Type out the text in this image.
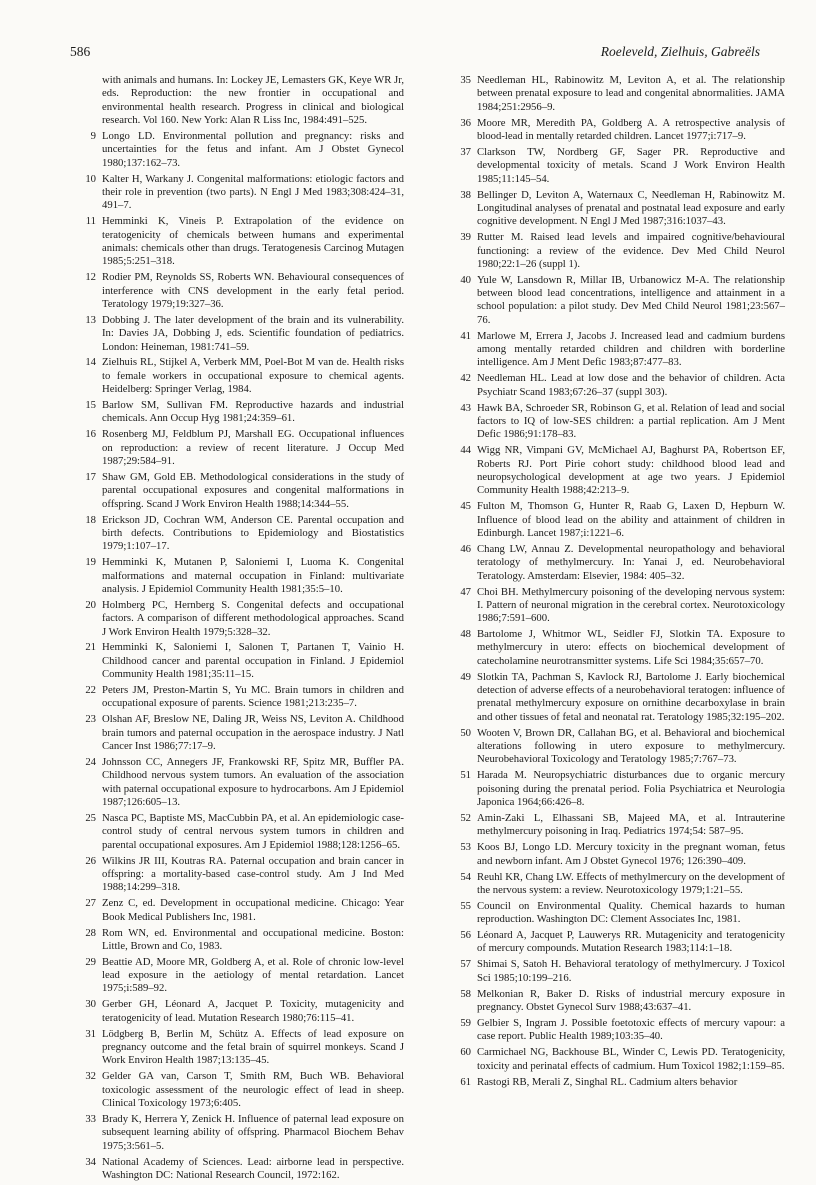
586	Roeleveld, Zielhuis, Gabreëls
with animals and humans. In: Lockey JE, Lemasters GK, Keye WR Jr, eds. Reproduction: the new frontier in occupational and environmental health research. Progress in clinical and biological research. Vol 160. New York: Alan R Liss Inc, 1984:491–525.
9 Longo LD. Environmental pollution and pregnancy: risks and uncertainties for the fetus and infant. Am J Obstet Gynecol 1980;137:162–73.
10 Kalter H, Warkany J. Congenital malformations: etiologic factors and their role in prevention (two parts). N Engl J Med 1983;308:424–31, 491–7.
11 Hemminki K, Vineis P. Extrapolation of the evidence on teratogenicity of chemicals between humans and experimental animals: chemicals other than drugs. Teratogenesis Carcinog Mutagen 1985;5:251–318.
12 Rodier PM, Reynolds SS, Roberts WN. Behavioural consequences of interference with CNS development in the early fetal period. Teratology 1979;19:327–36.
13 Dobbing J. The later development of the brain and its vulnerability. In: Davies JA, Dobbing J, eds. Scientific foundation of pediatrics. London: Heineman, 1981:741–59.
14 Zielhuis RL, Stijkel A, Verberk MM, Poel-Bot M van de. Health risks to female workers in occupational exposure to chemical agents. Heidelberg: Springer Verlag, 1984.
15 Barlow SM, Sullivan FM. Reproductive hazards and industrial chemicals. Ann Occup Hyg 1981;24:359–61.
16 Rosenberg MJ, Feldblum PJ, Marshall EG. Occupational influences on reproduction: a review of recent literature. J Occup Med 1987;29:584–91.
17 Shaw GM, Gold EB. Methodological considerations in the study of parental occupational exposures and congenital malformations in offspring. Scand J Work Environ Health 1988;14:344–55.
18 Erickson JD, Cochran WM, Anderson CE. Parental occupation and birth defects. Contributions to Epidemiology and Biostatistics 1979;1:107–17.
19 Hemminki K, Mutanen P, Saloniemi I, Luoma K. Congenital malformations and maternal occupation in Finland: multivariate analysis. J Epidemiol Community Health 1981;35:5–10.
20 Holmberg PC, Hernberg S. Congenital defects and occupational factors. A comparison of different methodological approaches. Scand J Work Environ Health 1979;5:328–32.
21 Hemminki K, Saloniemi I, Salonen T, Partanen T, Vainio H. Childhood cancer and parental occupation in Finland. J Epidemiol Community Health 1981;35:11–15.
22 Peters JM, Preston-Martin S, Yu MC. Brain tumors in children and occupational exposure of parents. Science 1981;213:235–7.
23 Olshan AF, Breslow NE, Daling JR, Weiss NS, Leviton A. Childhood brain tumors and paternal occupation in the aerospace industry. J Natl Cancer Inst 1986;77:17–9.
24 Johnsson CC, Annegers JF, Frankowski RF, Spitz MR, Buffler PA. Childhood nervous system tumors. An evaluation of the association with paternal occupational exposure to hydrocarbons. Am J Epidemiol 1987;126:605–13.
25 Nasca PC, Baptiste MS, MacCubbin PA, et al. An epidemiologic case-control study of central nervous system tumors in children and parental occupational exposures. Am J Epidemiol 1988;128:1256–65.
26 Wilkins JR III, Koutras RA. Paternal occupation and brain cancer in offspring: a mortality-based case-control study. Am J Ind Med 1988;14:299–318.
27 Zenz C, ed. Development in occupational medicine. Chicago: Year Book Medical Publishers Inc, 1981.
28 Rom WN, ed. Environmental and occupational medicine. Boston: Little, Brown and Co, 1983.
29 Beattie AD, Moore MR, Goldberg A, et al. Role of chronic low-level lead exposure in the aetiology of mental retardation. Lancet 1975;i:589–92.
30 Gerber GH, Léonard A, Jacquet P. Toxicity, mutagenicity and teratogenicity of lead. Mutation Research 1980;76:115–41.
31 Lödgberg B, Berlin M, Schütz A. Effects of lead exposure on pregnancy outcome and the fetal brain of squirrel monkeys. Scand J Work Environ Health 1987;13:135–45.
32 Gelder GA van, Carson T, Smith RM, Buch WB. Behavioral toxicologic assessment of the neurologic effect of lead in sheep. Clinical Toxicology 1973;6:405.
33 Brady K, Herrera Y, Zenick H. Influence of paternal lead exposure on subsequent learning ability of offspring. Pharmacol Biochem Behav 1975;3:561–5.
34 National Academy of Sciences. Lead: airborne lead in perspective. Washington DC: National Research Council, 1972:162.
35 Needleman HL, Rabinowitz M, Leviton A, et al. The relationship between prenatal exposure to lead and congenital abnormalities. JAMA 1984;251:2956–9.
36 Moore MR, Meredith PA, Goldberg A. A retrospective analysis of blood-lead in mentally retarded children. Lancet 1977;i:717–9.
37 Clarkson TW, Nordberg GF, Sager PR. Reproductive and developmental toxicity of metals. Scand J Work Environ Health 1985;11:145–54.
38 Bellinger D, Leviton A, Waternaux C, Needleman H, Rabinowitz M. Longitudinal analyses of prenatal and postnatal lead exposure and early cognitive development. N Engl J Med 1987;316:1037–43.
39 Rutter M. Raised lead levels and impaired cognitive/behavioural functioning: a review of the evidence. Dev Med Child Neurol 1980;22:1–26 (suppl 1).
40 Yule W, Lansdown R, Millar IB, Urbanowicz M-A. The relationship between blood lead concentrations, intelligence and attainment in a school population: a pilot study. Dev Med Child Neurol 1981;23:567–76.
41 Marlowe M, Errera J, Jacobs J. Increased lead and cadmium burdens among mentally retarded children and children with borderline intelligence. Am J Ment Defic 1983;87:477–83.
42 Needleman HL. Lead at low dose and the behavior of children. Acta Psychiatr Scand 1983;67:26–37 (suppl 303).
43 Hawk BA, Schroeder SR, Robinson G, et al. Relation of lead and social factors to IQ of low-SES children: a partial replication. Am J Ment Defic 1986;91:178–83.
44 Wigg NR, Vimpani GV, McMichael AJ, Baghurst PA, Robertson EF, Roberts RJ. Port Pirie cohort study: childhood blood lead and neuropsychological development at age two years. J Epidemiol Community Health 1988;42:213–9.
45 Fulton M, Thomson G, Hunter R, Raab G, Laxen D, Hepburn W. Influence of blood lead on the ability and attainment of children in Edinburgh. Lancet 1987;i:1221–6.
46 Chang LW, Annau Z. Developmental neuropathology and behavioral teratology of methylmercury. In: Yanai J, ed. Neurobehavioral Teratology. Amsterdam: Elsevier, 1984: 405–32.
47 Choi BH. Methylmercury poisoning of the developing nervous system: I. Pattern of neuronal migration in the cerebral cortex. Neurotoxicology 1986;7:591–600.
48 Bartolome J, Whitmor WL, Seidler FJ, Slotkin TA. Exposure to methylmercury in utero: effects on biochemical development of catecholamine neurotransmitter systems. Life Sci 1984;35:657–70.
49 Slotkin TA, Pachman S, Kavlock RJ, Bartolome J. Early biochemical detection of adverse effects of a neurobehavioral teratogen: influence of prenatal methylmercury exposure on ornithine decarboxylase in brain and other tissues of fetal and neonatal rat. Teratology 1985;32:195–202.
50 Wooten V, Brown DR, Callahan BG, et al. Behavioral and biochemical alterations following in utero exposure to methylmercury. Neurobehavioral Toxicology and Teratology 1985;7:767–73.
51 Harada M. Neuropsychiatric disturbances due to organic mercury poisoning during the prenatal period. Folia Psychiatrica et Neurologia Japonica 1964;66:426–8.
52 Amin-Zaki L, Elhassani SB, Majeed MA, et al. Intrauterine methylmercury poisoning in Iraq. Pediatrics 1974;54: 587–95.
53 Koos BJ, Longo LD. Mercury toxicity in the pregnant woman, fetus and newborn infant. Am J Obstet Gynecol 1976; 126:390–409.
54 Reuhl KR, Chang LW. Effects of methylmercury on the development of the nervous system: a review. Neurotoxicology 1979;1:21–55.
55 Council on Environmental Quality. Chemical hazards to human reproduction. Washington DC: Clement Associates Inc, 1981.
56 Léonard A, Jacquet P, Lauwerys RR. Mutagenicity and teratogenicity of mercury compounds. Mutation Research 1983;114:1–18.
57 Shimai S, Satoh H. Behavioral teratology of methylmercury. J Toxicol Sci 1985;10:199–216.
58 Melkonian R, Baker D. Risks of industrial mercury exposure in pregnancy. Obstet Gynecol Surv 1988;43:637–41.
59 Gelbier S, Ingram J. Possible foetotoxic effects of mercury vapour: a case report. Public Health 1989;103:35–40.
60 Carmichael NG, Backhouse BL, Winder C, Lewis PD. Teratogenicity, toxicity and perinatal effects of cadmium. Hum Toxicol 1982;1:159–85.
61 Rastogi RB, Merali Z, Singhal RL. Cadmium alters behavior
